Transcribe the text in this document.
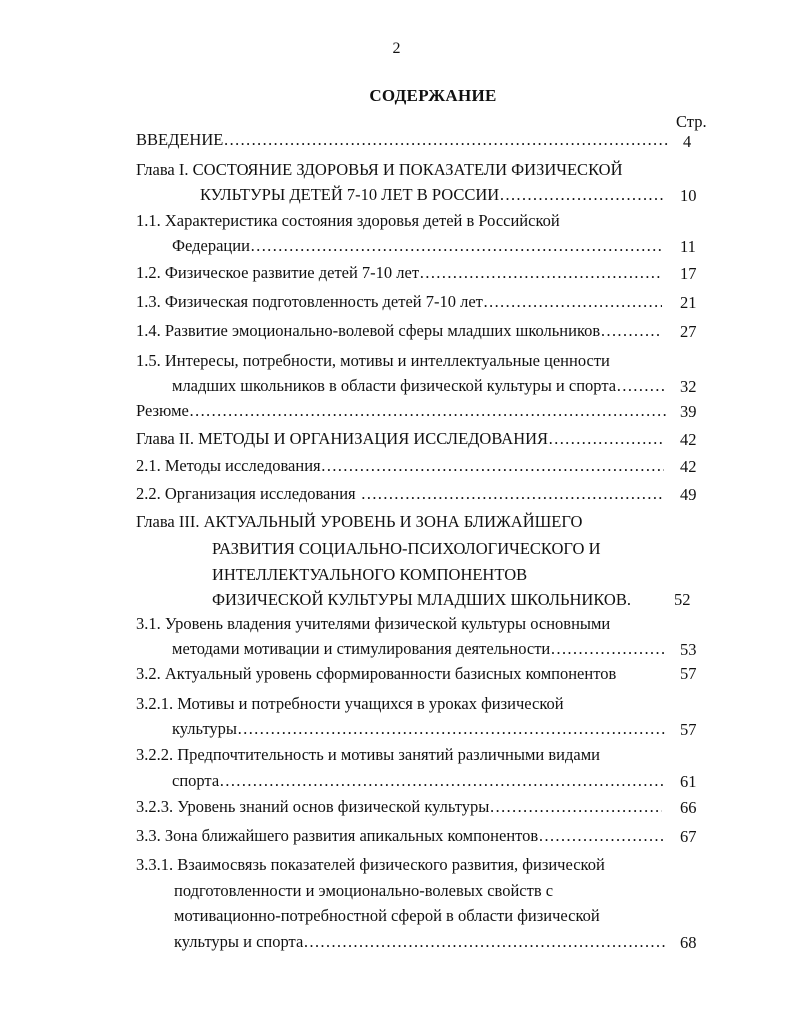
2
СОДЕРЖАНИЕ
Стр.
ВВЕДЕНИЕ …………………………………………………………………………………………………………………………………………………………………………	4
Глава I. СОСТОЯНИЕ ЗДОРОВЬЯ И ПОКАЗАТЕЛИ ФИЗИЧЕСКОЙ
КУЛЬТУРЫ ДЕТЕЙ 7-10 ЛЕТ В РОССИИ …………………………………………………………………………………………………………………………………………………………………………	10
1.1. Характеристика состояния здоровья детей в Российской
Федерации …………………………………………………………………………………………………………………………………………………………………………	11
1.2. Физическое развитие детей 7-10 лет …………………………………………………………………………………………………………………………………………………………………………	17
1.3. Физическая подготовленность детей 7-10 лет …………………………………………………………………………………………………………………………………………………………………………	21
1.4. Развитие эмоционально-волевой сферы младших школьников …………………………………………………………………………………………………………………………………………………………………………	27
1.5. Интересы, потребности, мотивы и интеллектуальные ценности
младших школьников в области физической культуры и спорта …………………………………………………………………………………………………………………………………………………………………………	32
Резюме …………………………………………………………………………………………………………………………………………………………………………	39
Глава II. МЕТОДЫ И ОРГАНИЗАЦИЯ ИССЛЕДОВАНИЯ …………………………………………………………………………………………………………………………………………………………………………	42
2.1. Методы исследования …………………………………………………………………………………………………………………………………………………………………………	42
2.2. Организация исследования …………………………………………………………………………………………………………………………………………………………………………	49
Глава III. АКТУАЛЬНЫЙ УРОВЕНЬ И ЗОНА БЛИЖАЙШЕГО
РАЗВИТИЯ СОЦИАЛЬНО-ПСИХОЛОГИЧЕСКОГО И
ИНТЕЛЛЕКТУАЛЬНОГО КОМПОНЕНТОВ
ФИЗИЧЕСКОЙ КУЛЬТУРЫ МЛАДШИХ ШКОЛЬНИКОВ.	52
3.1. Уровень владения учителями физической культуры основными
методами мотивации и стимулирования деятельности …………………………………………………………………………………………………………………………………………………………………………	53
3.2. Актуальный уровень сформированности базисных компонентов	57
3.2.1. Мотивы и потребности учащихся в уроках физической
культуры …………………………………………………………………………………………………………………………………………………………………………	57
3.2.2. Предпочтительность и мотивы занятий различными видами
спорта …………………………………………………………………………………………………………………………………………………………………………	61
3.2.3. Уровень знаний основ физической культуры …………………………………………………………………………………………………………………………………………………………………………	66
3.3. Зона ближайшего развития апикальных компонентов …………………………………………………………………………………………………………………………………………………………………………	67
3.3.1. Взаимосвязь показателей физического развития, физической
подготовленности и эмоционально-волевых свойств с
мотивационно-потребностной сферой в области физической
культуры и спорта …………………………………………………………………………………………………………………………………………………………………………	68
